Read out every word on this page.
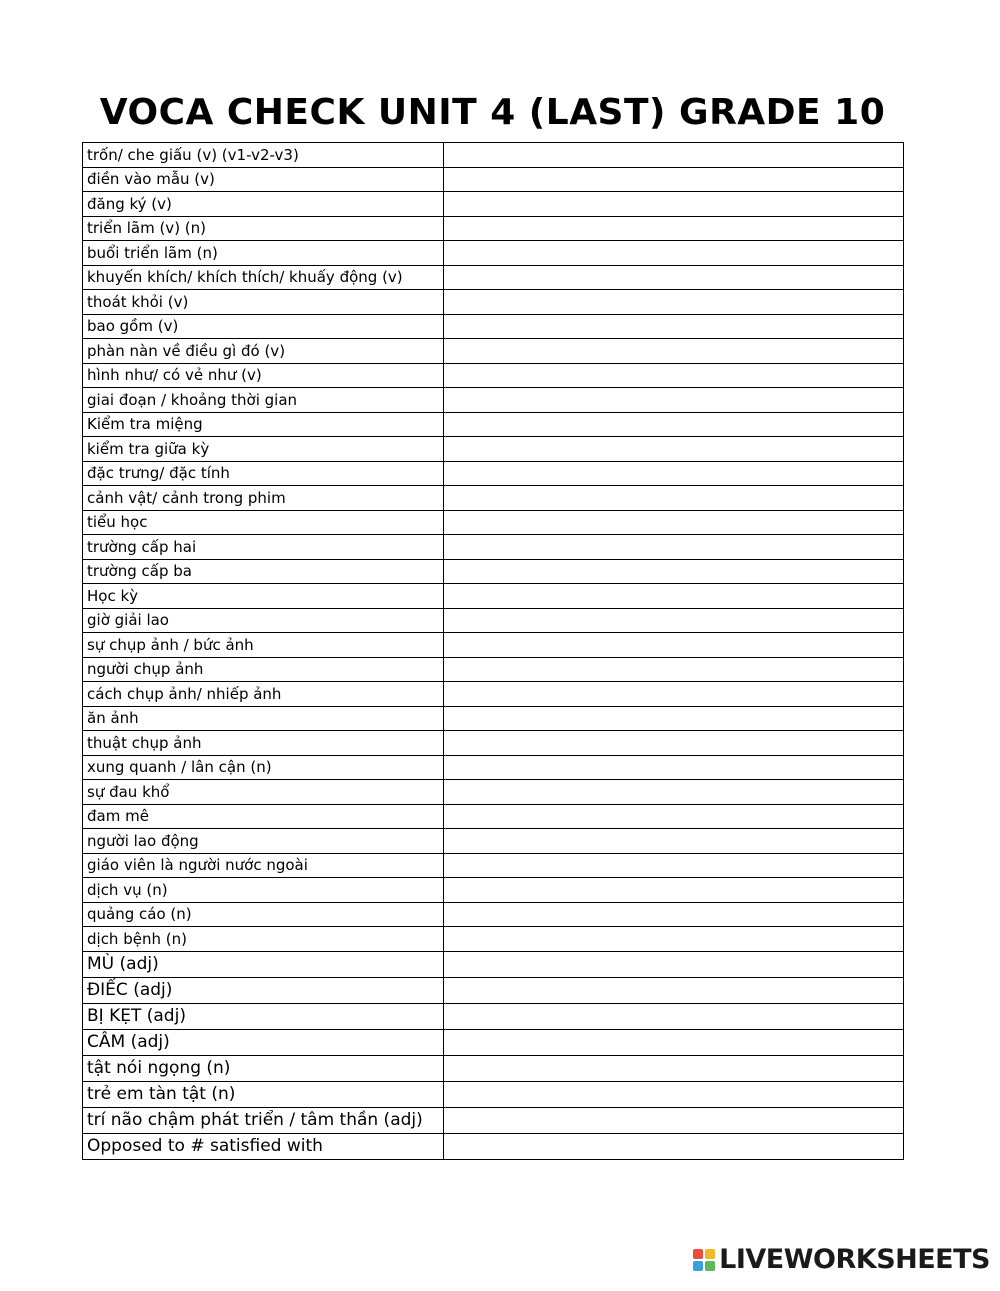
VOCA CHECK UNIT 4 (LAST) GRADE 10
trốn/ che giấu (v) (v1-v2-v3)	
điền vào mẫu (v)	
đăng ký (v)	
triển lãm (v) (n)	
buổi triển lãm (n)	
khuyến khích/ khích thích/ khuấy động (v)	
thoát khỏi (v)	
bao gồm (v)	
phàn nàn về điều gì đó (v)	
hình như/ có vẻ như (v)	
giai đoạn / khoảng thời gian	
Kiểm tra miệng	
kiểm tra giữa kỳ	
đặc trưng/ đặc tính	
cảnh vật/ cảnh trong phim	
tiểu học	
trường cấp hai	
trường cấp ba	
Học kỳ	
giờ giải lao	
sự chụp ảnh / bức ảnh	
người chụp ảnh	
cách chụp ảnh/ nhiếp ảnh	
ăn ảnh	
thuật chụp ảnh	
xung quanh / lân cận (n)	
sự đau khổ	
đam mê	
người lao động	
giáo viên là người nước ngoài	
dịch vụ (n)	
quảng cáo (n)	
dịch bệnh (n)	
MÙ (adj)	
ĐIẾC (adj)	
BỊ KẸT (adj)	
CÂM (adj)	
tật nói ngọng (n)	
trẻ em tàn tật (n)	
trí não chậm phát triển / tâm thần (adj)	
Opposed to # satisfied with	
LIVEWORKSHEETS
